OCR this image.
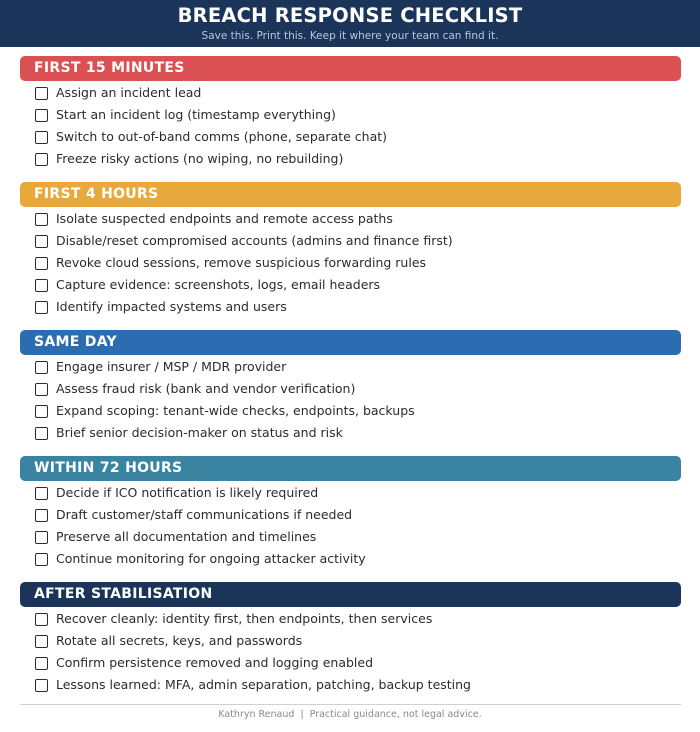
BREACH RESPONSE CHECKLIST
Save this. Print this. Keep it where your team can find it.
FIRST 15 MINUTES
Assign an incident lead
Start an incident log (timestamp everything)
Switch to out-of-band comms (phone, separate chat)
Freeze risky actions (no wiping, no rebuilding)
FIRST 4 HOURS
Isolate suspected endpoints and remote access paths
Disable/reset compromised accounts (admins and finance first)
Revoke cloud sessions, remove suspicious forwarding rules
Capture evidence: screenshots, logs, email headers
Identify impacted systems and users
SAME DAY
Engage insurer / MSP / MDR provider
Assess fraud risk (bank and vendor verification)
Expand scoping: tenant-wide checks, endpoints, backups
Brief senior decision-maker on status and risk
WITHIN 72 HOURS
Decide if ICO notification is likely required
Draft customer/staff communications if needed
Preserve all documentation and timelines
Continue monitoring for ongoing attacker activity
AFTER STABILISATION
Recover cleanly: identity first, then endpoints, then services
Rotate all secrets, keys, and passwords
Confirm persistence removed and logging enabled
Lessons learned: MFA, admin separation, patching, backup testing
Kathryn Renaud | Practical guidance, not legal advice.
